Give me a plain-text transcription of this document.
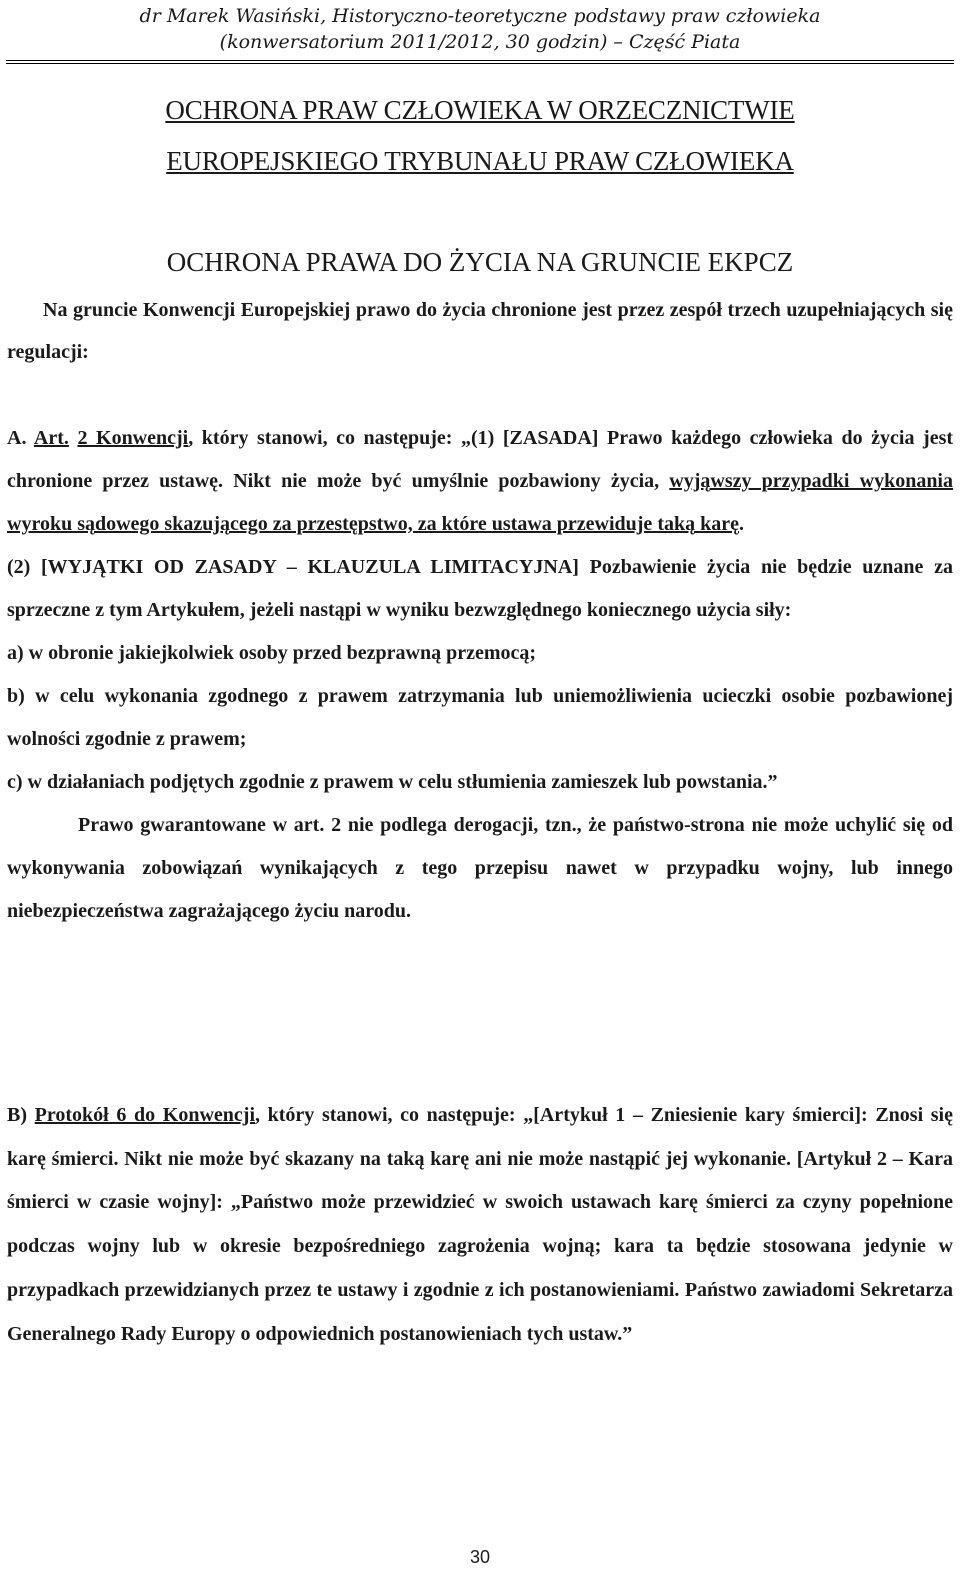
dr Marek Wasiński, Historyczno-teoretyczne podstawy praw człowieka
(konwersatorium 2011/2012, 30 godzin) – Część Piata
OCHRONA PRAW CZŁOWIEKA W ORZECZNICTWIE
EUROPEJSKIEGO TRYBUNAŁU PRAW CZŁOWIEKA
OCHRONA PRAWA DO ŻYCIA NA GRUNCIE EKPCZ

Na gruncie Konwencji Europejskiej prawo do życia chronione jest przez zespół trzech uzupełniających się regulacji:

A. Art. 2 Konwencji, który stanowi, co następuje: „(1) [ZASADA] Prawo każdego człowieka do życia jest chronione przez ustawę. Nikt nie może być umyślnie pozbawiony życia, wyjąwszy przypadki wykonania wyroku sądowego skazującego za przestępstwo, za które ustawa przewiduje taką karę.

(2) [WYJĄTKI OD ZASADY – KLAUZULA LIMITACYJNA] Pozbawienie życia nie będzie uznane za sprzeczne z tym Artykułem, jeżeli nastąpi w wyniku bezwzględnego koniecznego użycia siły:

a) w obronie jakiejkolwiek osoby przed bezprawną przemocą;

b) w celu wykonania zgodnego z prawem zatrzymania lub uniemożliwienia ucieczki osobie pozbawionej wolności zgodnie z prawem;

c) w działaniach podjętych zgodnie z prawem w celu stłumienia zamieszek lub powstania.”

Prawo gwarantowane w art. 2 nie podlega derogacji, tzn., że państwo-strona nie może uchylić się od wykonywania zobowiązań wynikających z tego przepisu nawet w przypadku wojny, lub innego niebezpieczeństwa zagrażającego życiu narodu.

B) Protokół 6 do Konwencji, który stanowi, co następuje: „[Artykuł 1 – Zniesienie kary śmierci]: Znosi się karę śmierci. Nikt nie może być skazany na taką karę ani nie może nastąpić jej wykonanie. [Artykuł 2 – Kara śmierci w czasie wojny]: „Państwo może przewidzieć w swoich ustawach karę śmierci za czyny popełnione podczas wojny lub w okresie bezpośredniego zagrożenia wojną; kara ta będzie stosowana jedynie w przypadkach przewidzianych przez te ustawy i zgodnie z ich postanowieniami. Państwo zawiadomi Sekretarza Generalnego Rady Europy o odpowiednich postanowieniach tych ustaw.”

30
